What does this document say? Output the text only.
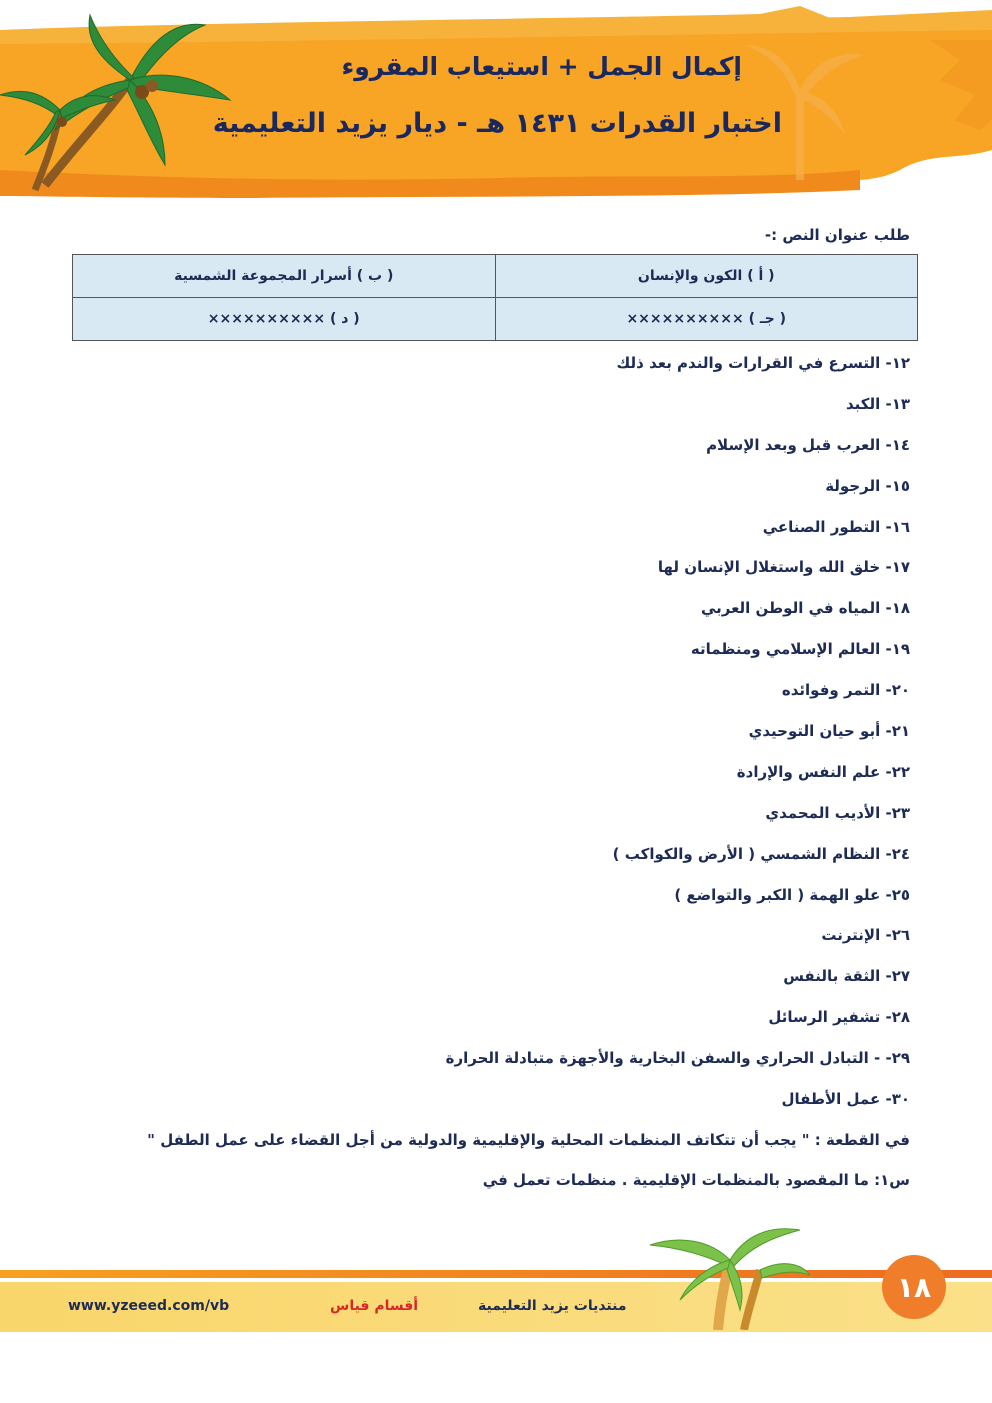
إكمال الجمل + استيعاب المقروء
اختبار القدرات ١٤٣١ هـ - ديار يزيد التعليمية
طلب عنوان النص :-
( أ ) الكون والإنسان	( ب ) أسرار المجموعة الشمسية
( جـ ) ××××××××××	( د ) ××××××××××
١٢- التسرع في القرارات والندم بعد ذلك
١٣- الكبد
١٤- العرب قبل وبعد الإسلام
١٥- الرجولة
١٦- التطور الصناعي
١٧- خلق الله واستغلال الإنسان لها
١٨- المياه في الوطن العربي
١٩- العالم الإسلامي ومنظماته
٢٠- التمر وفوائده
٢١- أبو حيان التوحيدي
٢٢- علم النفس والإرادة
٢٣- الأديب المحمدي
٢٤- النظام الشمسي ( الأرض والكواكب )
٢٥- علو الهمة ( الكبر والتواضع )
٢٦- الإنترنت
٢٧- الثقة بالنفس
٢٨- تشفير الرسائل
٢٩- - التبادل الحراري والسفن البخارية والأجهزة متبادلة الحرارة
٣٠- عمل الأطفال

في القطعة : " يجب أن تتكاتف المنظمات المحلية والإقليمية والدولية من أجل القضاء على عمل الطفل "

س١: ما المقصود بالمنظمات الإقليمية . منظمات تعمل في

١٨
www.yzeeed.com/vb	أقسام قياس	منتديات يزيد التعليمية
